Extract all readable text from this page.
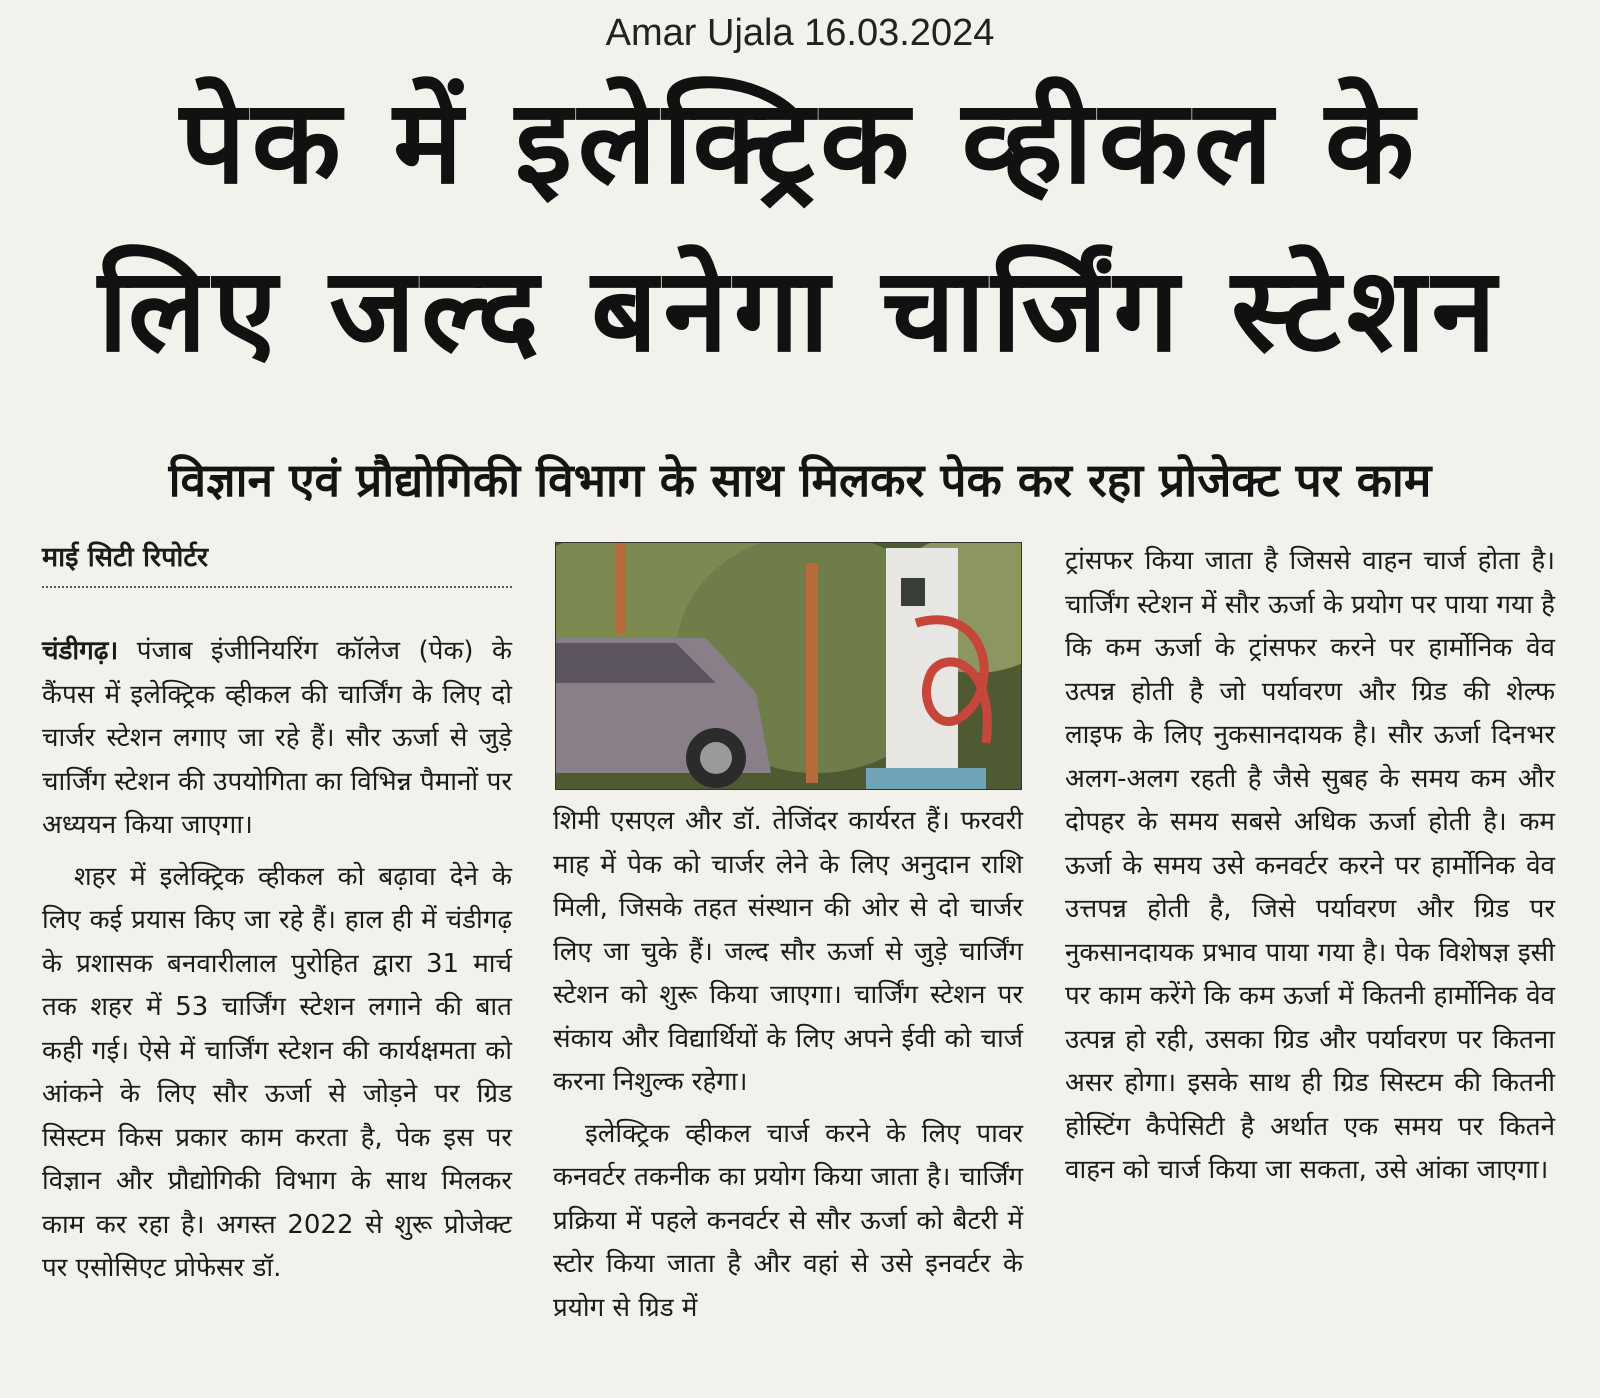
Amar Ujala 16.03.2024
पेक में इलेक्ट्रिक व्हीकल के
लिए जल्द बनेगा चार्जिंग स्टेशन
विज्ञान एवं प्रौद्योगिकी विभाग के साथ मिलकर पेक कर रहा प्रोजेक्ट पर काम
माई सिटी रिपोर्टर

चंडीगढ़। पंजाब इंजीनियरिंग कॉलेज (पेक) के कैंपस में इलेक्ट्रिक व्हीकल की चार्जिंग के लिए दो चार्जर स्टेशन लगाए जा रहे हैं। सौर ऊर्जा से जुड़े चार्जिंग स्टेशन की उपयोगिता का विभिन्न पैमानों पर अध्ययन किया जाएगा।

शहर में इलेक्ट्रिक व्हीकल को बढ़ावा देने के लिए कई प्रयास किए जा रहे हैं। हाल ही में चंडीगढ़ के प्रशासक बनवारीलाल पुरोहित द्वारा 31 मार्च तक शहर में 53 चार्जिंग स्टेशन लगाने की बात कही गई। ऐसे में चार्जिंग स्टेशन की कार्यक्षमता को आंकने के लिए सौर ऊर्जा से जोड़ने पर ग्रिड सिस्टम किस प्रकार काम करता है, पेक इस पर विज्ञान और प्रौद्योगिकी विभाग के साथ मिलकर काम कर रहा है। अगस्त 2022 से शुरू प्रोजेक्ट पर एसोसिएट प्रोफेसर डॉ.

शिमी एसएल और डॉ. तेजिंदर कार्यरत हैं। फरवरी माह में पेक को चार्जर लेने के लिए अनुदान राशि मिली, जिसके तहत संस्थान की ओर से दो चार्जर लिए जा चुके हैं। जल्द सौर ऊर्जा से जुड़े चार्जिंग स्टेशन को शुरू किया जाएगा। चार्जिंग स्टेशन पर संकाय और विद्यार्थियों के लिए अपने ईवी को चार्ज करना निशुल्क रहेगा।

इलेक्ट्रिक व्हीकल चार्ज करने के लिए पावर कनवर्टर तकनीक का प्रयोग किया जाता है। चार्जिंग प्रक्रिया में पहले कनवर्टर से सौर ऊर्जा को बैटरी में स्टोर किया जाता है और वहां से उसे इनवर्टर के प्रयोग से ग्रिड में

ट्रांसफर किया जाता है जिससे वाहन चार्ज होता है। चार्जिंग स्टेशन में सौर ऊर्जा के प्रयोग पर पाया गया है कि कम ऊर्जा के ट्रांसफर करने पर हार्मोनिक वेव उत्पन्न होती है जो पर्यावरण और ग्रिड की शेल्फ लाइफ के लिए नुकसानदायक है। सौर ऊर्जा दिनभर अलग-अलग रहती है जैसे सुबह के समय कम और दोपहर के समय सबसे अधिक ऊर्जा होती है। कम ऊर्जा के समय उसे कनवर्टर करने पर हार्मोनिक वेव उत्तपन्न होती है, जिसे पर्यावरण और ग्रिड पर नुकसानदायक प्रभाव पाया गया है। पेक विशेषज्ञ इसी पर काम करेंगे कि कम ऊर्जा में कितनी हार्मोनिक वेव उत्पन्न हो रही, उसका ग्रिड और पर्यावरण पर कितना असर होगा। इसके साथ ही ग्रिड सिस्टम की कितनी होस्टिंग कैपेसिटी है अर्थात एक समय पर कितने वाहन को चार्ज किया जा सकता, उसे आंका जाएगा।
